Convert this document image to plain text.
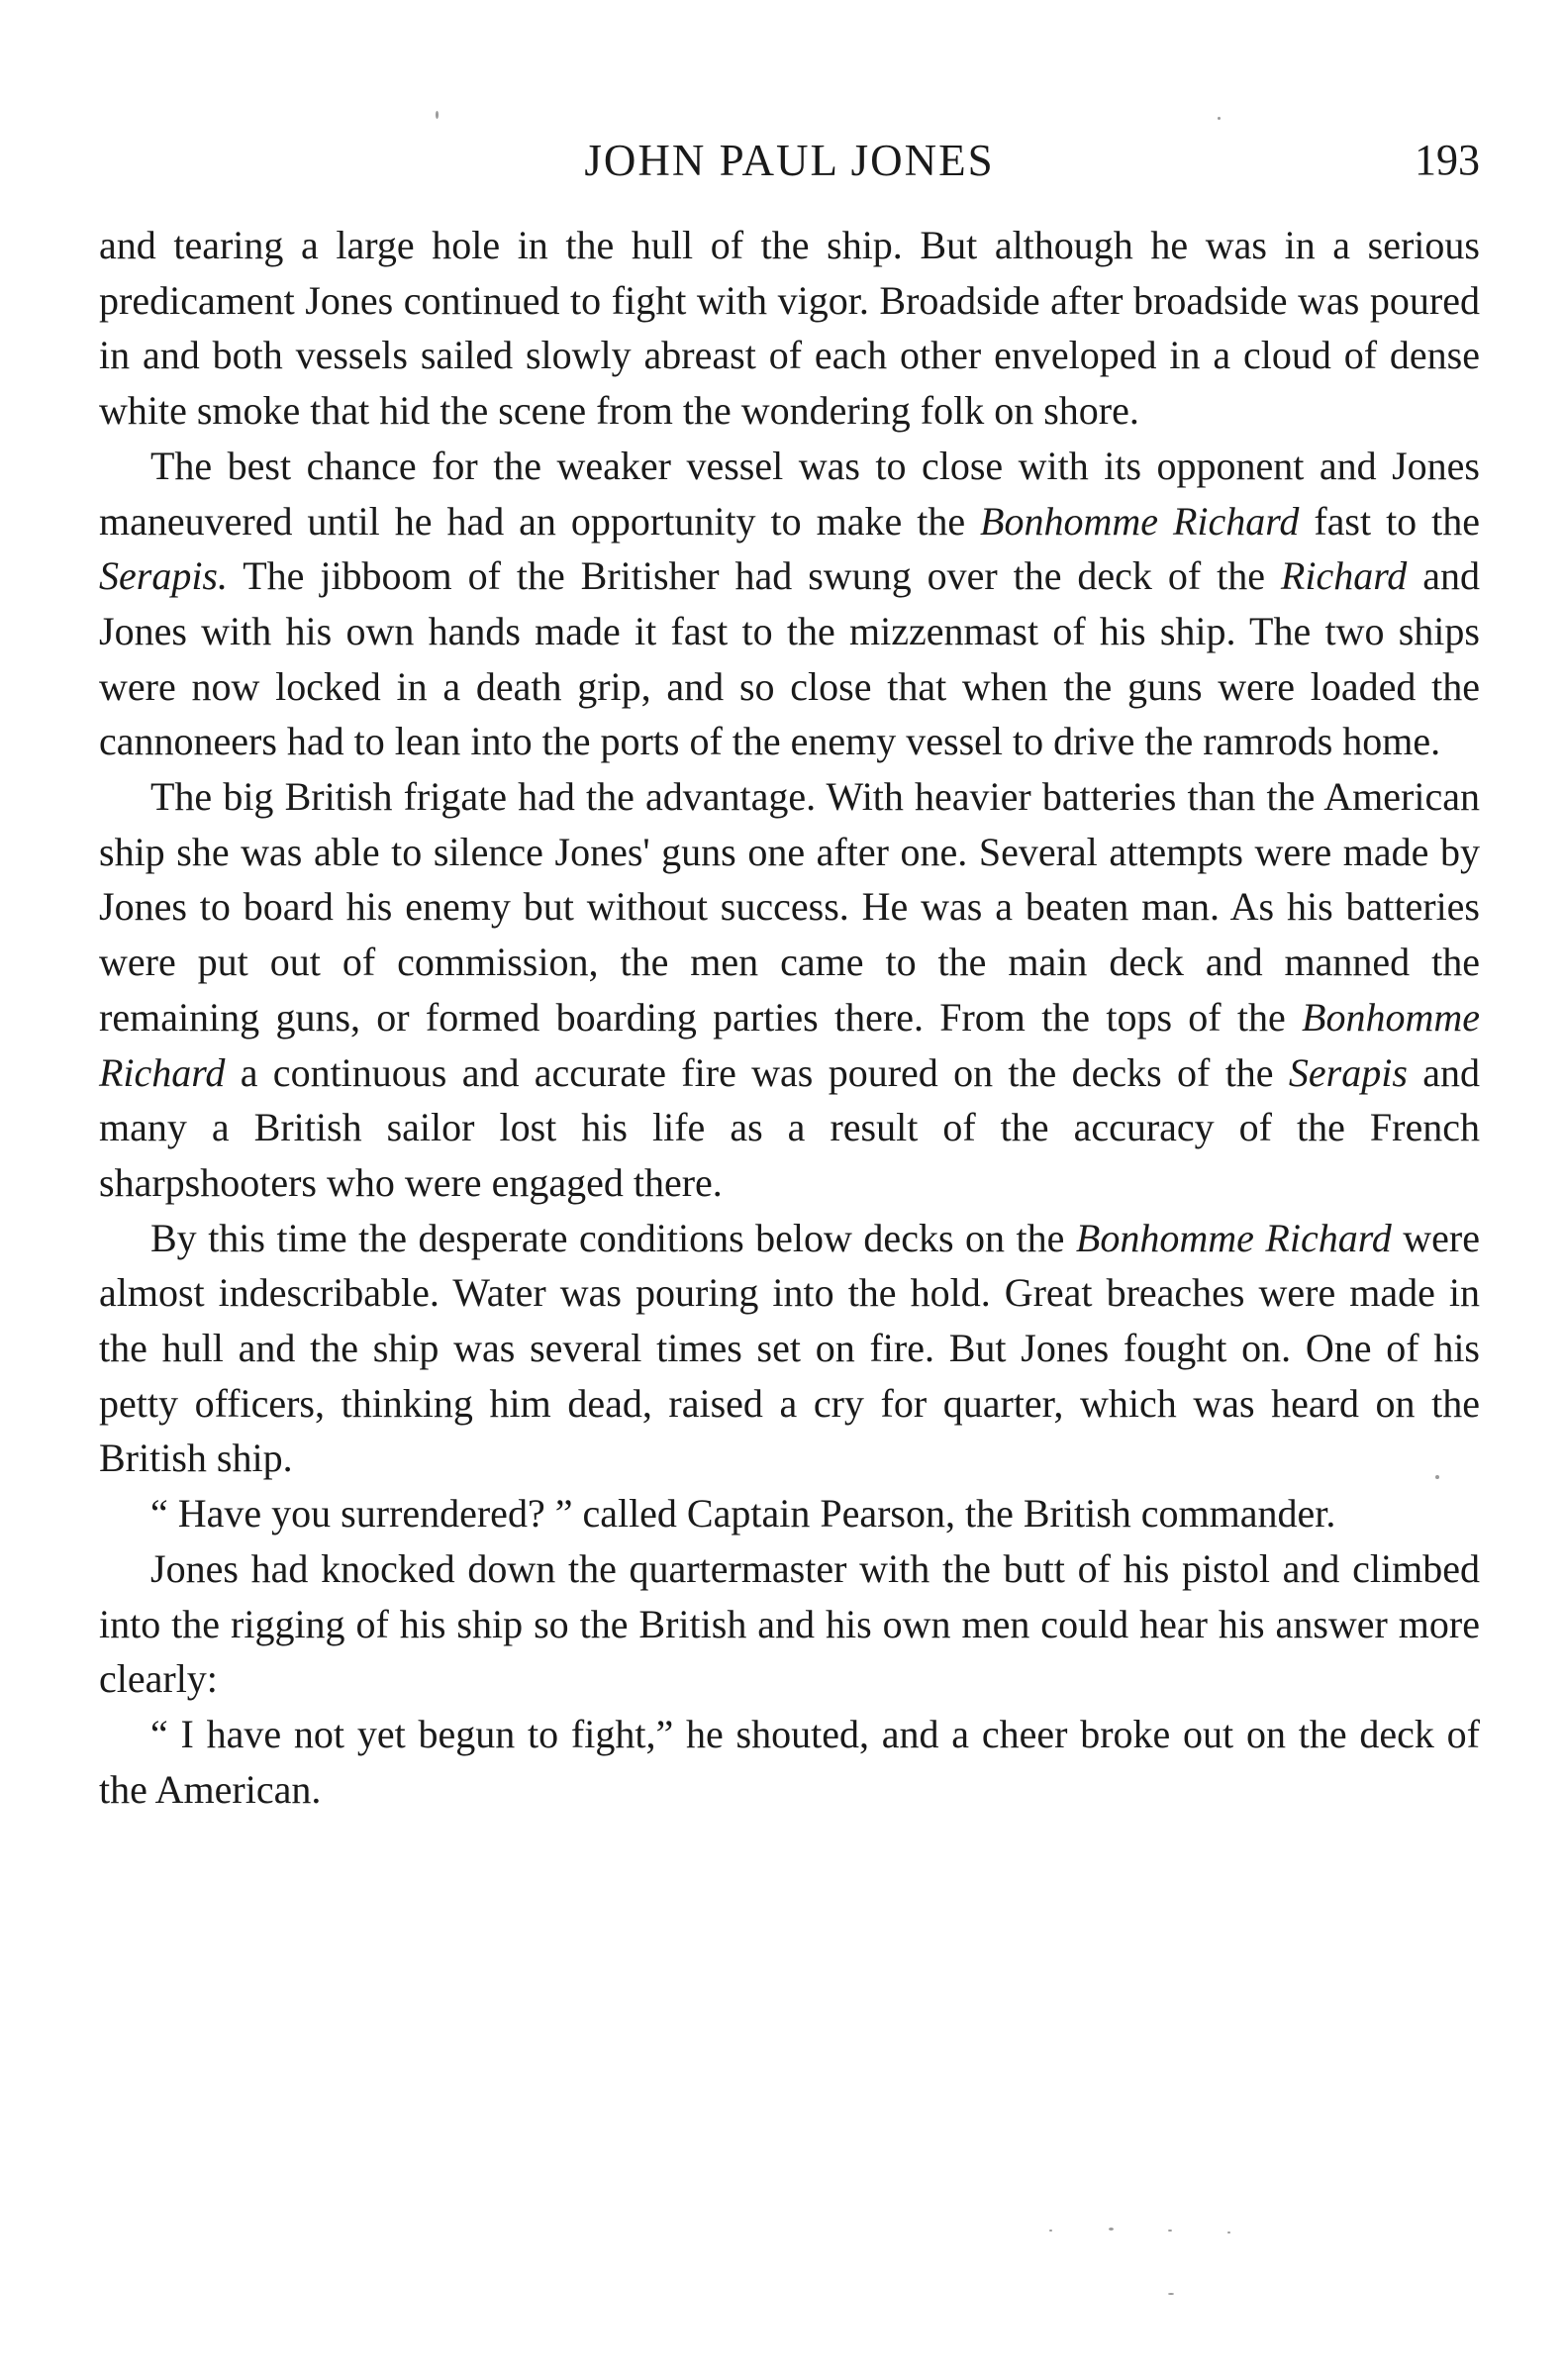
JOHN PAUL JONES	193

and tearing a large hole in the hull of the ship. But although he was in a serious predicament Jones continued to fight with vigor. Broadside after broadside was poured in and both vessels sailed slowly abreast of each other enveloped in a cloud of dense white smoke that hid the scene from the wondering folk on shore.

The best chance for the weaker vessel was to close with its opponent and Jones maneuvered until he had an opportunity to make the Bonhomme Richard fast to the Serapis. The jibboom of the Britisher had swung over the deck of the Richard and Jones with his own hands made it fast to the mizzenmast of his ship. The two ships were now locked in a death grip, and so close that when the guns were loaded the cannoneers had to lean into the ports of the enemy vessel to drive the ramrods home.

The big British frigate had the advantage. With heavier batteries than the American ship she was able to silence Jones' guns one after one. Several attempts were made by Jones to board his enemy but without success. He was a beaten man. As his batteries were put out of commission, the men came to the main deck and manned the remaining guns, or formed boarding parties there. From the tops of the Bonhomme Richard a continuous and accurate fire was poured on the decks of the Serapis and many a British sailor lost his life as a result of the accuracy of the French sharpshooters who were engaged there.

By this time the desperate conditions below decks on the Bonhomme Richard were almost indescribable. Water was pouring into the hold. Great breaches were made in the hull and the ship was several times set on fire. But Jones fought on. One of his petty officers, thinking him dead, raised a cry for quarter, which was heard on the British ship.

“ Have you surrendered? ” called Captain Pearson, the British commander.

Jones had knocked down the quartermaster with the butt of his pistol and climbed into the rigging of his ship so the British and his own men could hear his answer more clearly:

“ I have not yet begun to fight,” he shouted, and a cheer broke out on the deck of the American.
